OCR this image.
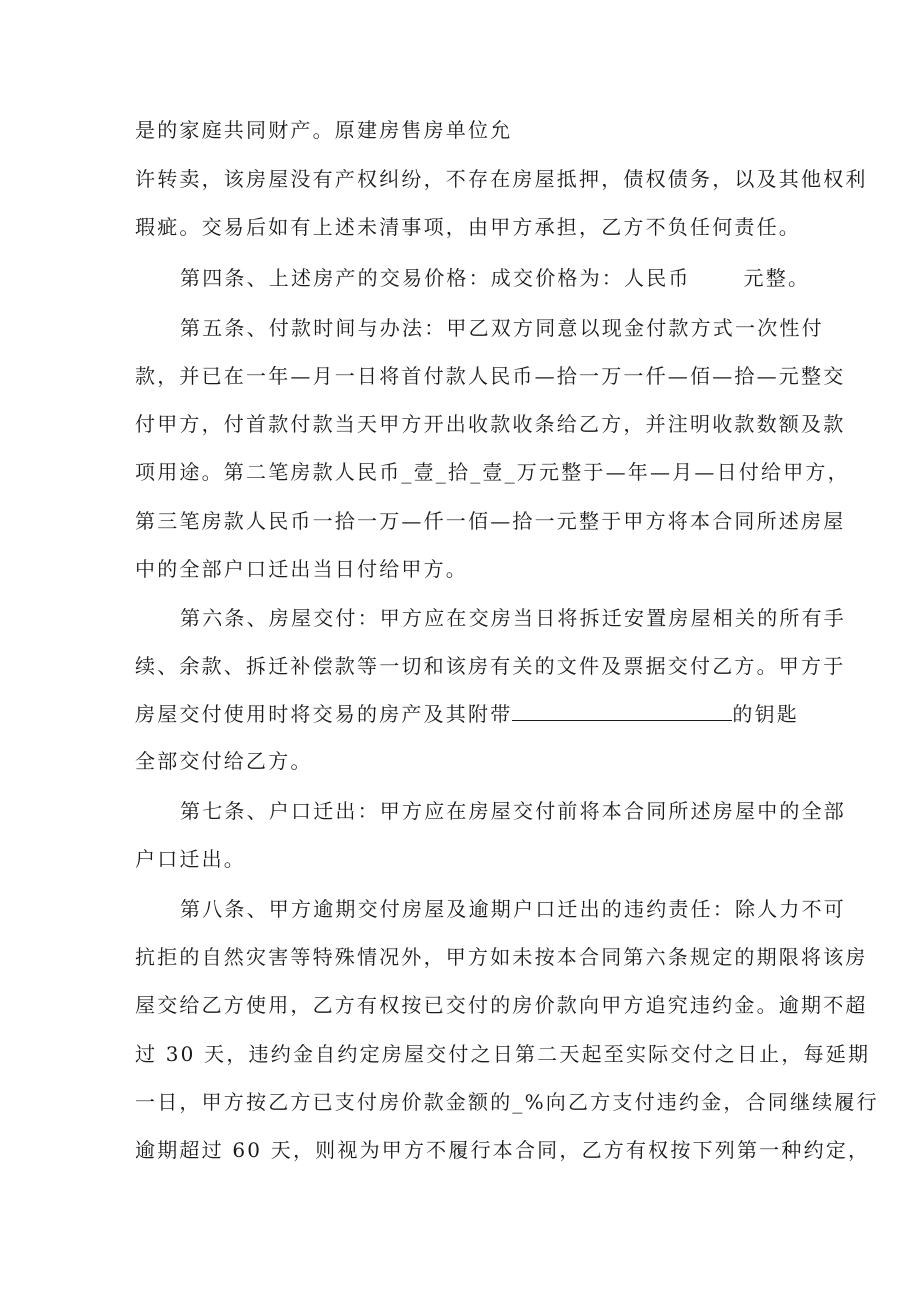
是的家庭共同财产。原建房售房单位允
许转卖，该房屋没有产权纠纷，不存在房屋抵押，债权债务，以及其他权利
瑕疵。交易后如有上述未清事项，由甲方承担，乙方不负任何责任。
第四条、上述房产的交易价格：成交价格为：人民币　　 元整。
第五条、付款时间与办法：甲乙双方同意以现金付款方式一次性付
款，并已在一年—月一日将首付款人民币—拾一万一仟—佰—拾—元整交
付甲方，付首款付款当天甲方开出收款收条给乙方，并注明收款数额及款
项用途。第二笔房款人民币_壹_拾_壹_万元整于—年—月—日付给甲方，
第三笔房款人民币一拾一万—仟一佰—拾一元整于甲方将本合同所述房屋
中的全部户口迁出当日付给甲方。
第六条、房屋交付：甲方应在交房当日将拆迁安置房屋相关的所有手
续、余款、拆迁补偿款等一切和该房有关的文件及票据交付乙方。甲方于
房屋交付使用时将交易的房产及其附带	的钥匙
全部交付给乙方。
第七条、户口迁出：甲方应在房屋交付前将本合同所述房屋中的全部
户口迁出。
第八条、甲方逾期交付房屋及逾期户口迁出的违约责任：除人力不可
抗拒的自然灾害等特殊情况外，甲方如未按本合同第六条规定的期限将该房
屋交给乙方使用，乙方有权按已交付的房价款向甲方追究违约金。逾期不超
过 30 天，违约金自约定房屋交付之日第二天起至实际交付之日止，每延期
一日，甲方按乙方已支付房价款金额的_%向乙方支付违约金，合同继续履行
逾期超过 60 天，则视为甲方不履行本合同，乙方有权按下列第一种约定，
